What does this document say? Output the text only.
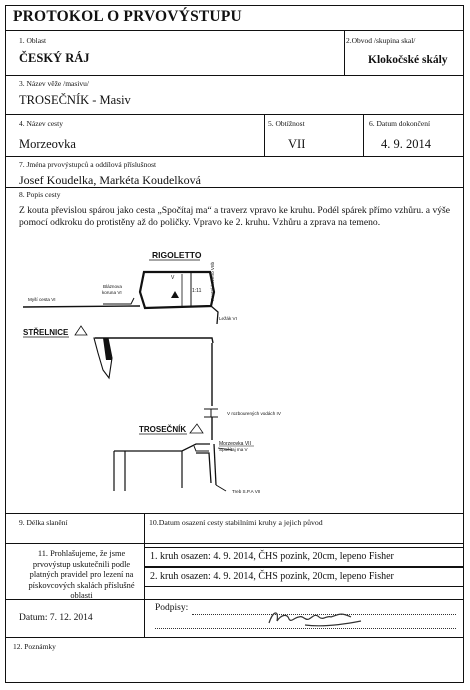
PROTOKOL O PRVOVÝSTUPU
1. Oblast
ČESKÝ RÁJ
2.Obvod /skupina skal/
Klokočské skály
3. Název věže /masivu/
TROSEČNÍK - Masiv
4. Název cesty
Morzeovka
5. Obtížnost
VII
6. Datum dokončení
4. 9. 2014
7. Jména prvovýstupců a oddílová příslušnost
Josef Koudelka, Markéta Koudelková
8. Popis cesty
Z kouta převislou spárou jako cesta „Spočítaj ma“ a traverz vpravo ke kruhu. Podél spárek přímo vzhůru. a výše pomocí odkroku do protistěny až do poličky. Vpravo ke 2. kruhu. Vzhůru a zprava na temeno.
RIGOLETTO
1:11
V	Poutní hoveno VIIb
Myší cesta VI
Bláznova
koruna VI
Ležák VI
STŘELNICE
V rozbourených vodách IV
TROSEČNÍK
Morzeovka VII
Spočítaj ma V
Treb S.P.A VII
9. Délka slanění	10.Datum osazení cesty stabilními kruhy a jejich původ
11. Prohlašujeme, že jsme prvovýstup uskutečnili podle platných pravidel pro lezení na pískovcových skalách příslušné oblasti
1. kruh osazen: 4. 9. 2014, ČHS pozink, 20cm, lepeno Fisher
2. kruh osazen: 4. 9. 2014, ČHS pozink, 20cm, lepeno Fisher
Datum: 7. 12. 2014
Podpisy:
12. Poznámky
